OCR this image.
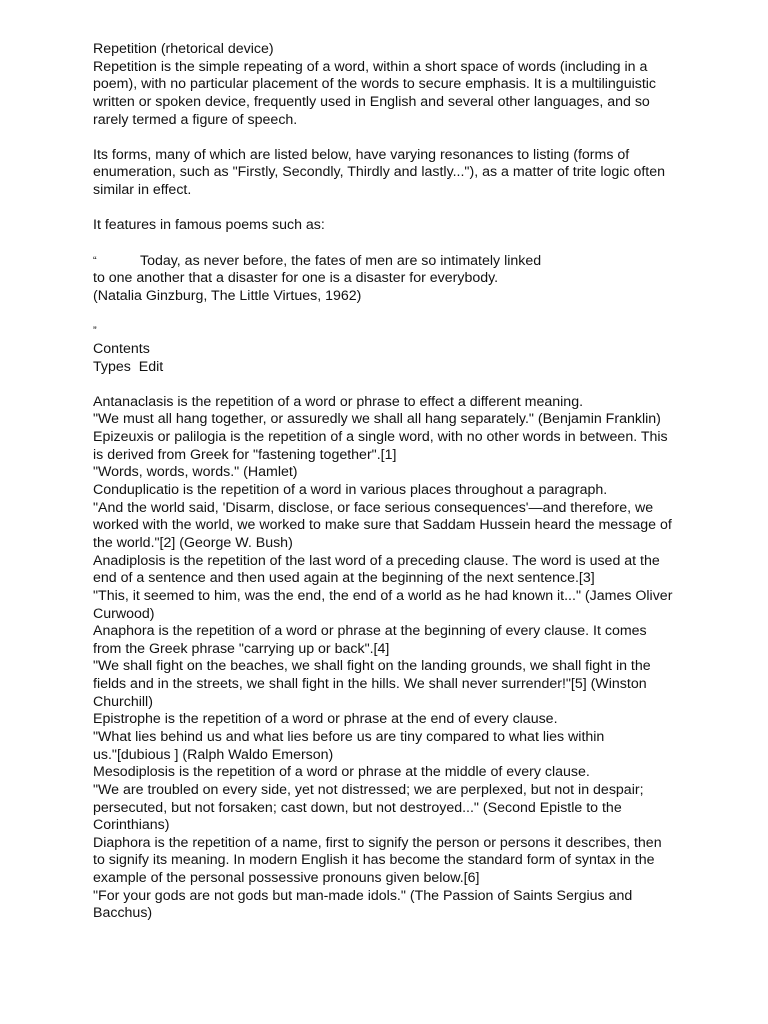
Repetition (rhetorical device)
Repetition is the simple repeating of a word, within a short space of words (including in a
poem), with no particular placement of the words to secure emphasis. It is a multilinguistic
written or spoken device, frequently used in English and several other languages, and so
rarely termed a figure of speech.
Its forms, many of which are listed below, have varying resonances to listing (forms of
enumeration, such as "Firstly, Secondly, Thirdly and lastly..."), as a matter of trite logic often
similar in effect.
It features in famous poems such as:
“	Today, as never before, the fates of men are so intimately linked
to one another that a disaster for one is a disaster for everybody.
(Natalia Ginzburg, The Little Virtues, 1962)
”
Contents
Types  Edit
Antanaclasis is the repetition of a word or phrase to effect a different meaning.
"We must all hang together, or assuredly we shall all hang separately." (Benjamin Franklin)
Epizeuxis or palilogia is the repetition of a single word, with no other words in between. This
is derived from Greek for "fastening together".[1]
"Words, words, words." (Hamlet)
Conduplicatio is the repetition of a word in various places throughout a paragraph.
"And the world said, 'Disarm, disclose, or face serious consequences'—and therefore, we
worked with the world, we worked to make sure that Saddam Hussein heard the message of
the world."[2] (George W. Bush)
Anadiplosis is the repetition of the last word of a preceding clause. The word is used at the
end of a sentence and then used again at the beginning of the next sentence.[3]
"This, it seemed to him, was the end, the end of a world as he had known it..." (James Oliver
Curwood)
Anaphora is the repetition of a word or phrase at the beginning of every clause. It comes
from the Greek phrase "carrying up or back".[4]
"We shall fight on the beaches, we shall fight on the landing grounds, we shall fight in the
fields and in the streets, we shall fight in the hills. We shall never surrender!"[5] (Winston
Churchill)
Epistrophe is the repetition of a word or phrase at the end of every clause.
"What lies behind us and what lies before us are tiny compared to what lies within
us."[dubious ] (Ralph Waldo Emerson)
Mesodiplosis is the repetition of a word or phrase at the middle of every clause.
"We are troubled on every side, yet not distressed; we are perplexed, but not in despair;
persecuted, but not forsaken; cast down, but not destroyed..." (Second Epistle to the
Corinthians)
Diaphora is the repetition of a name, first to signify the person or persons it describes, then
to signify its meaning. In modern English it has become the standard form of syntax in the
example of the personal possessive pronouns given below.[6]
"For your gods are not gods but man-made idols." (The Passion of Saints Sergius and
Bacchus)
